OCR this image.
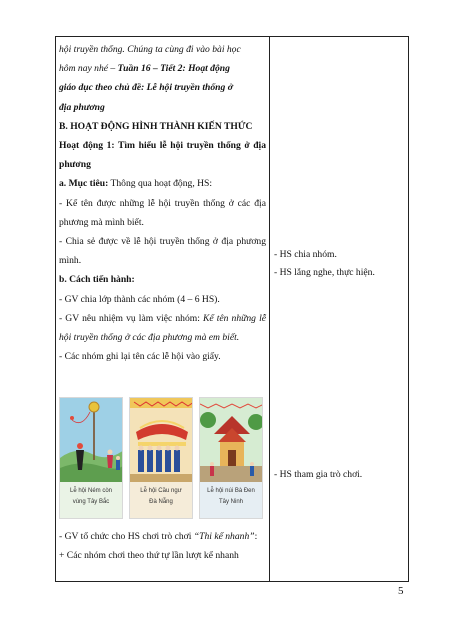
hội truyền thống. Chúng ta cùng đi vào bài học

hôm nay nhé – Tuần 16 – Tiết 2: Hoạt động

giáo dục theo chủ đề: Lễ hội truyền thống ở

địa phương

B. HOẠT ĐỘNG HÌNH THÀNH KIẾN THỨC

Hoạt động 1: Tìm hiểu lễ hội truyền thống ở địa phương

a. Mục tiêu: Thông qua hoạt động, HS:

- Kể tên được những lễ hội truyền thống ở các địa phương mà mình biết.

- Chia sẻ được về lễ hội truyền thống ở địa phương mình.

b. Cách tiến hành:

- GV chia lớp thành các nhóm (4 – 6 HS).

- GV nêu nhiệm vụ làm việc nhóm: Kể tên những lễ hội truyền thống ở các địa phương mà em biết.

- Các nhóm ghi lại tên các lễ hội vào giấy.

Lễ hội Ném còn
vùng Tây Bắc
Lễ hội Cầu ngư
Đà Nẵng
Lễ hội núi Bà Đen
Tây Ninh

- GV tổ chức cho HS chơi trò chơi “Thi kể nhanh”:

+ Các nhóm chơi theo thứ tự lần lượt kể nhanh

- HS chia nhóm.

- HS lắng nghe, thực hiện.

- HS tham gia trò chơi.

5
